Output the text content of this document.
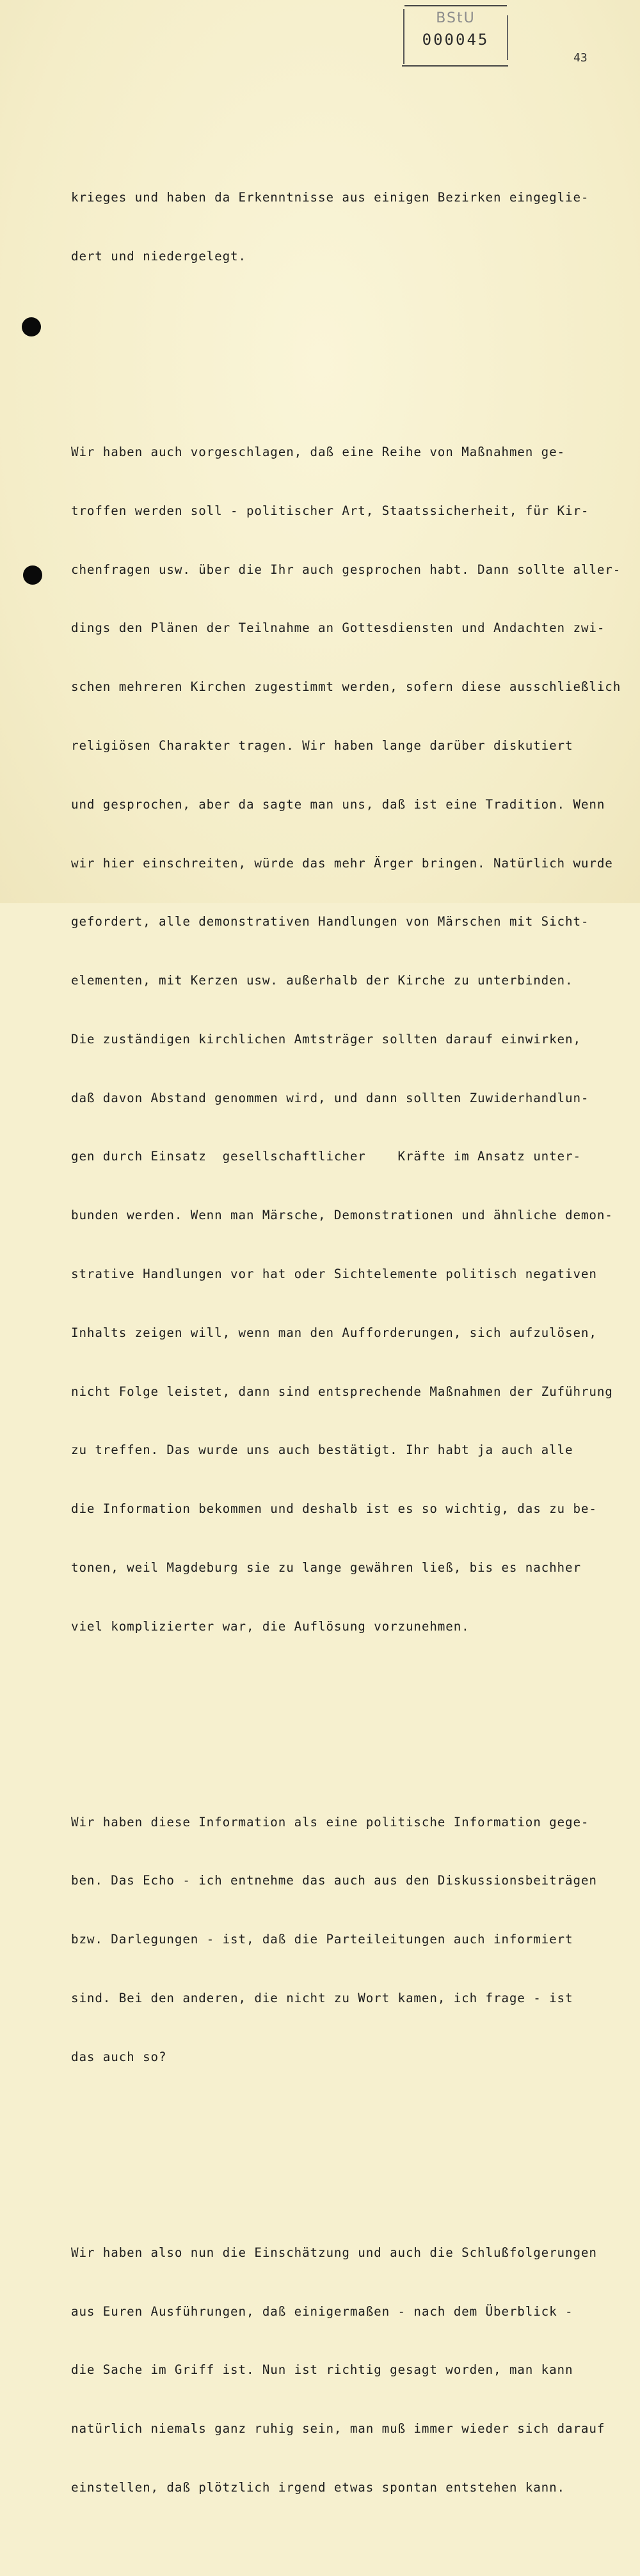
BStU
000045
43

krieges und haben da Erkenntnisse aus einigen Bezirken eingeglie-

dert und niedergelegt.

Wir haben auch vorgeschlagen, daß eine Reihe von Maßnahmen ge-

troffen werden soll - politischer Art, Staatssicherheit, für Kir-

chenfragen usw. über die Ihr auch gesprochen habt. Dann sollte aller-

dings den Plänen der Teilnahme an Gottesdiensten und Andachten zwi-

schen mehreren Kirchen zugestimmt werden, sofern diese ausschließlich

religiösen Charakter tragen. Wir haben lange darüber diskutiert

und gesprochen, aber da sagte man uns, daß ist eine Tradition. Wenn

wir hier einschreiten, würde das mehr Ärger bringen. Natürlich wurde

gefordert, alle demonstrativen Handlungen von Märschen mit Sicht-

elementen, mit Kerzen usw. außerhalb der Kirche zu unterbinden.

Die zuständigen kirchlichen Amtsträger sollten darauf einwirken,

daß davon Abstand genommen wird, und dann sollten Zuwiderhandlun-

gen durch Einsatz  gesellschaftlicher    Kräfte im Ansatz unter-

bunden werden. Wenn man Märsche, Demonstrationen und ähnliche demon-

strative Handlungen vor hat oder Sichtelemente politisch negativen

Inhalts zeigen will, wenn man den Aufforderungen, sich aufzulösen,

nicht Folge leistet, dann sind entsprechende Maßnahmen der Zuführung

zu treffen. Das wurde uns auch bestätigt. Ihr habt ja auch alle

die Information bekommen und deshalb ist es so wichtig, das zu be-

tonen, weil Magdeburg sie zu lange gewähren ließ, bis es nachher

viel komplizierter war, die Auflösung vorzunehmen.

Wir haben diese Information als eine politische Information gege-

ben. Das Echo - ich entnehme das auch aus den Diskussionsbeiträgen

bzw. Darlegungen - ist, daß die Parteileitungen auch informiert

sind. Bei den anderen, die nicht zu Wort kamen, ich frage - ist

das auch so?

Wir haben also nun die Einschätzung und auch die Schlußfolgerungen

aus Euren Ausführungen, daß einigermaßen - nach dem Überblick -

die Sache im Griff ist. Nun ist richtig gesagt worden, man kann

natürlich niemals ganz ruhig sein, man muß immer wieder sich darauf

einstellen, daß plötzlich irgend etwas spontan entstehen kann.
